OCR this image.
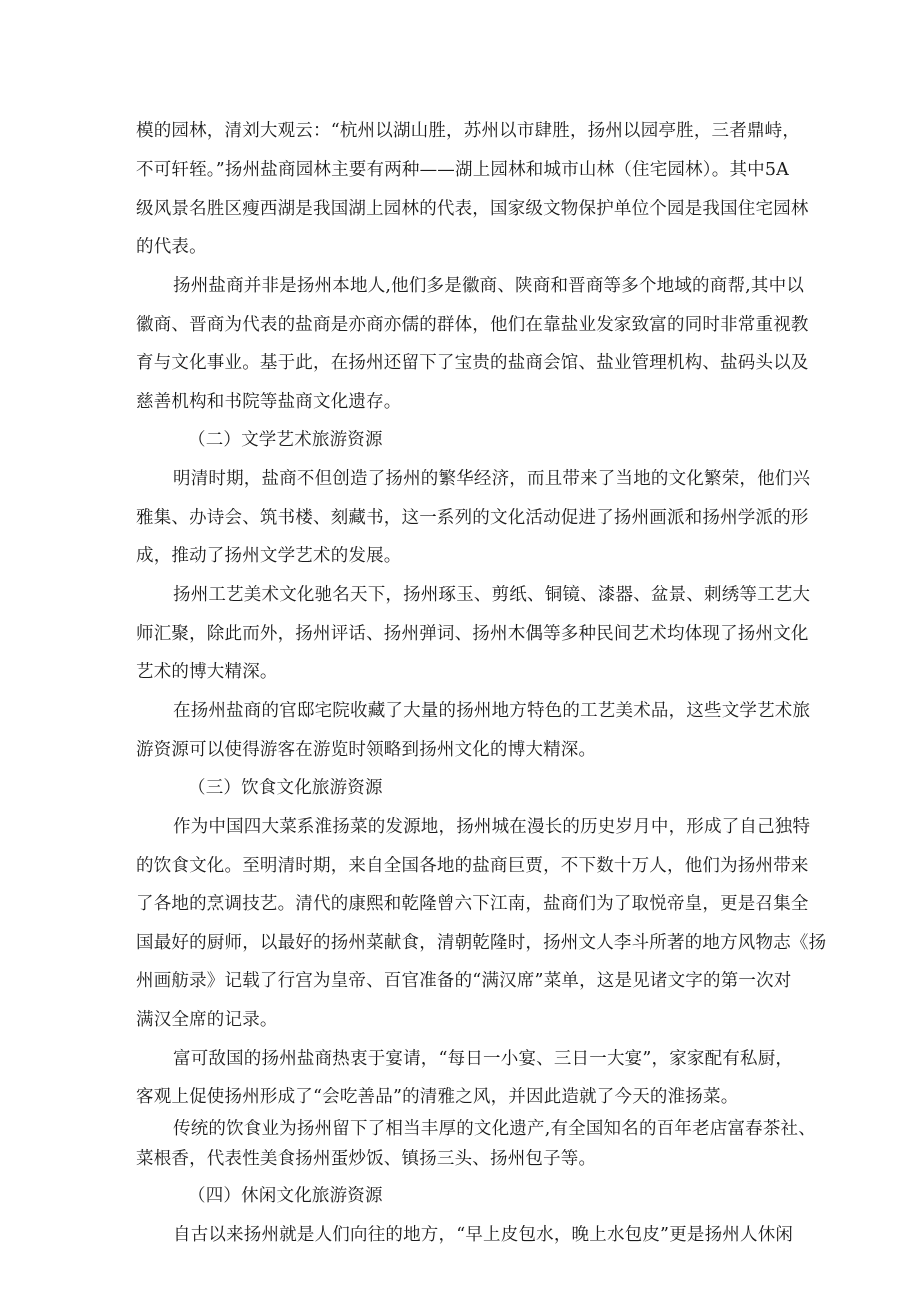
模的园林，清刘大观云：“杭州以湖山胜，苏州以市肆胜，扬州以园亭胜，三者鼎峙，
不可轩轾。”扬州盐商园林主要有两种——湖上园林和城市山林（住宅园林）。其中5A
级风景名胜区瘦西湖是我国湖上园林的代表，国家级文物保护单位个园是我国住宅园林
的代表。
扬州盐商并非是扬州本地人,他们多是徽商、陕商和晋商等多个地域的商帮,其中以
徽商、晋商为代表的盐商是亦商亦儒的群体，他们在靠盐业发家致富的同时非常重视教
育与文化事业。基于此，在扬州还留下了宝贵的盐商会馆、盐业管理机构、盐码头以及
慈善机构和书院等盐商文化遗存。
（二）文学艺术旅游资源
明清时期，盐商不但创造了扬州的繁华经济，而且带来了当地的文化繁荣，他们兴
雅集、办诗会、筑书楼、刻藏书，这一系列的文化活动促进了扬州画派和扬州学派的形
成，推动了扬州文学艺术的发展。
扬州工艺美术文化驰名天下，扬州琢玉、剪纸、铜镜、漆器、盆景、刺绣等工艺大
师汇聚，除此而外，扬州评话、扬州弹词、扬州木偶等多种民间艺术均体现了扬州文化
艺术的博大精深。
在扬州盐商的官邸宅院收藏了大量的扬州地方特色的工艺美术品，这些文学艺术旅
游资源可以使得游客在游览时领略到扬州文化的博大精深。
（三）饮食文化旅游资源
作为中国四大菜系淮扬菜的发源地，扬州城在漫长的历史岁月中，形成了自己独特
的饮食文化。至明清时期，来自全国各地的盐商巨贾，不下数十万人，他们为扬州带来
了各地的烹调技艺。清代的康熙和乾隆曾六下江南，盐商们为了取悦帝皇，更是召集全
国最好的厨师，以最好的扬州菜献食，清朝乾隆时，扬州文人李斗所著的地方风物志《扬
州画舫录》记载了行宫为皇帝、百官准备的“满汉席”菜单，这是见诸文字的第一次对
满汉全席的记录。
富可敌国的扬州盐商热衷于宴请，“每日一小宴、三日一大宴”，家家配有私厨，
客观上促使扬州形成了“会吃善品”的清雅之风，并因此造就了今天的淮扬菜。
传统的饮食业为扬州留下了相当丰厚的文化遗产,有全国知名的百年老店富春茶社、
菜根香，代表性美食扬州蛋炒饭、镇扬三头、扬州包子等。
（四）休闲文化旅游资源
自古以来扬州就是人们向往的地方，“早上皮包水，晚上水包皮”更是扬州人休闲
